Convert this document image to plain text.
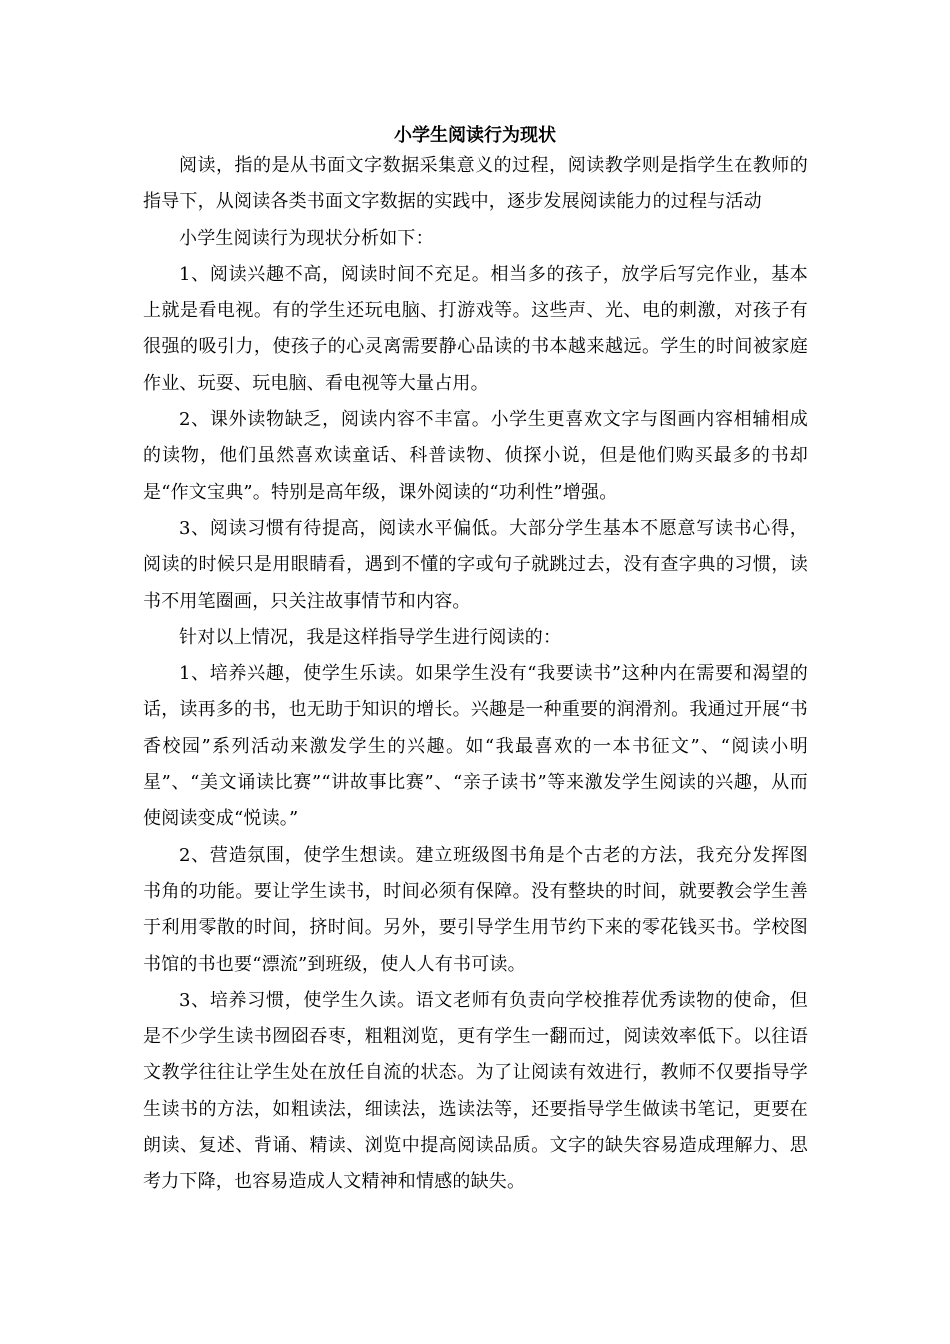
小学生阅读行为现状

阅读，指的是从书面文字数据采集意义的过程，阅读教学则是指学生在教师的指导下，从阅读各类书面文字数据的实践中，逐步发展阅读能力的过程与活动

小学生阅读行为现状分析如下：

1、阅读兴趣不高，阅读时间不充足。相当多的孩子，放学后写完作业，基本上就是看电视。有的学生还玩电脑、打游戏等。这些声、光、电的刺激，对孩子有很强的吸引力，使孩子的心灵离需要静心品读的书本越来越远。学生的时间被家庭作业、玩耍、玩电脑、看电视等大量占用。

2、课外读物缺乏，阅读内容不丰富。小学生更喜欢文字与图画内容相辅相成的读物，他们虽然喜欢读童话、科普读物、侦探小说，但是他们购买最多的书却是“作文宝典”。特别是高年级，课外阅读的“功利性”增强。

3、阅读习惯有待提高，阅读水平偏低。大部分学生基本不愿意写读书心得，阅读的时候只是用眼睛看，遇到不懂的字或句子就跳过去，没有查字典的习惯，读书不用笔圈画，只关注故事情节和内容。

针对以上情况，我是这样指导学生进行阅读的：

1、培养兴趣，使学生乐读。如果学生没有“我要读书”这种内在需要和渴望的话，读再多的书，也无助于知识的增长。兴趣是一种重要的润滑剂。我通过开展“书香校园”系列活动来激发学生的兴趣。如“我最喜欢的一本书征文”、“阅读小明星”、“美文诵读比赛”“讲故事比赛”、“亲子读书”等来激发学生阅读的兴趣，从而使阅读变成“悦读。”

2、营造氛围，使学生想读。建立班级图书角是个古老的方法，我充分发挥图书角的功能。要让学生读书，时间必须有保障。没有整块的时间，就要教会学生善于利用零散的时间，挤时间。另外，要引导学生用节约下来的零花钱买书。学校图书馆的书也要“漂流”到班级，使人人有书可读。

3、培养习惯，使学生久读。语文老师有负责向学校推荐优秀读物的使命，但是不少学生读书囫囵吞枣，粗粗浏览，更有学生一翻而过，阅读效率低下。以往语文教学往往让学生处在放任自流的状态。为了让阅读有效进行，教师不仅要指导学生读书的方法，如粗读法，细读法，选读法等，还要指导学生做读书笔记，更要在朗读、复述、背诵、精读、浏览中提高阅读品质。文字的缺失容易造成理解力、思考力下降，也容易造成人文精神和情感的缺失。
